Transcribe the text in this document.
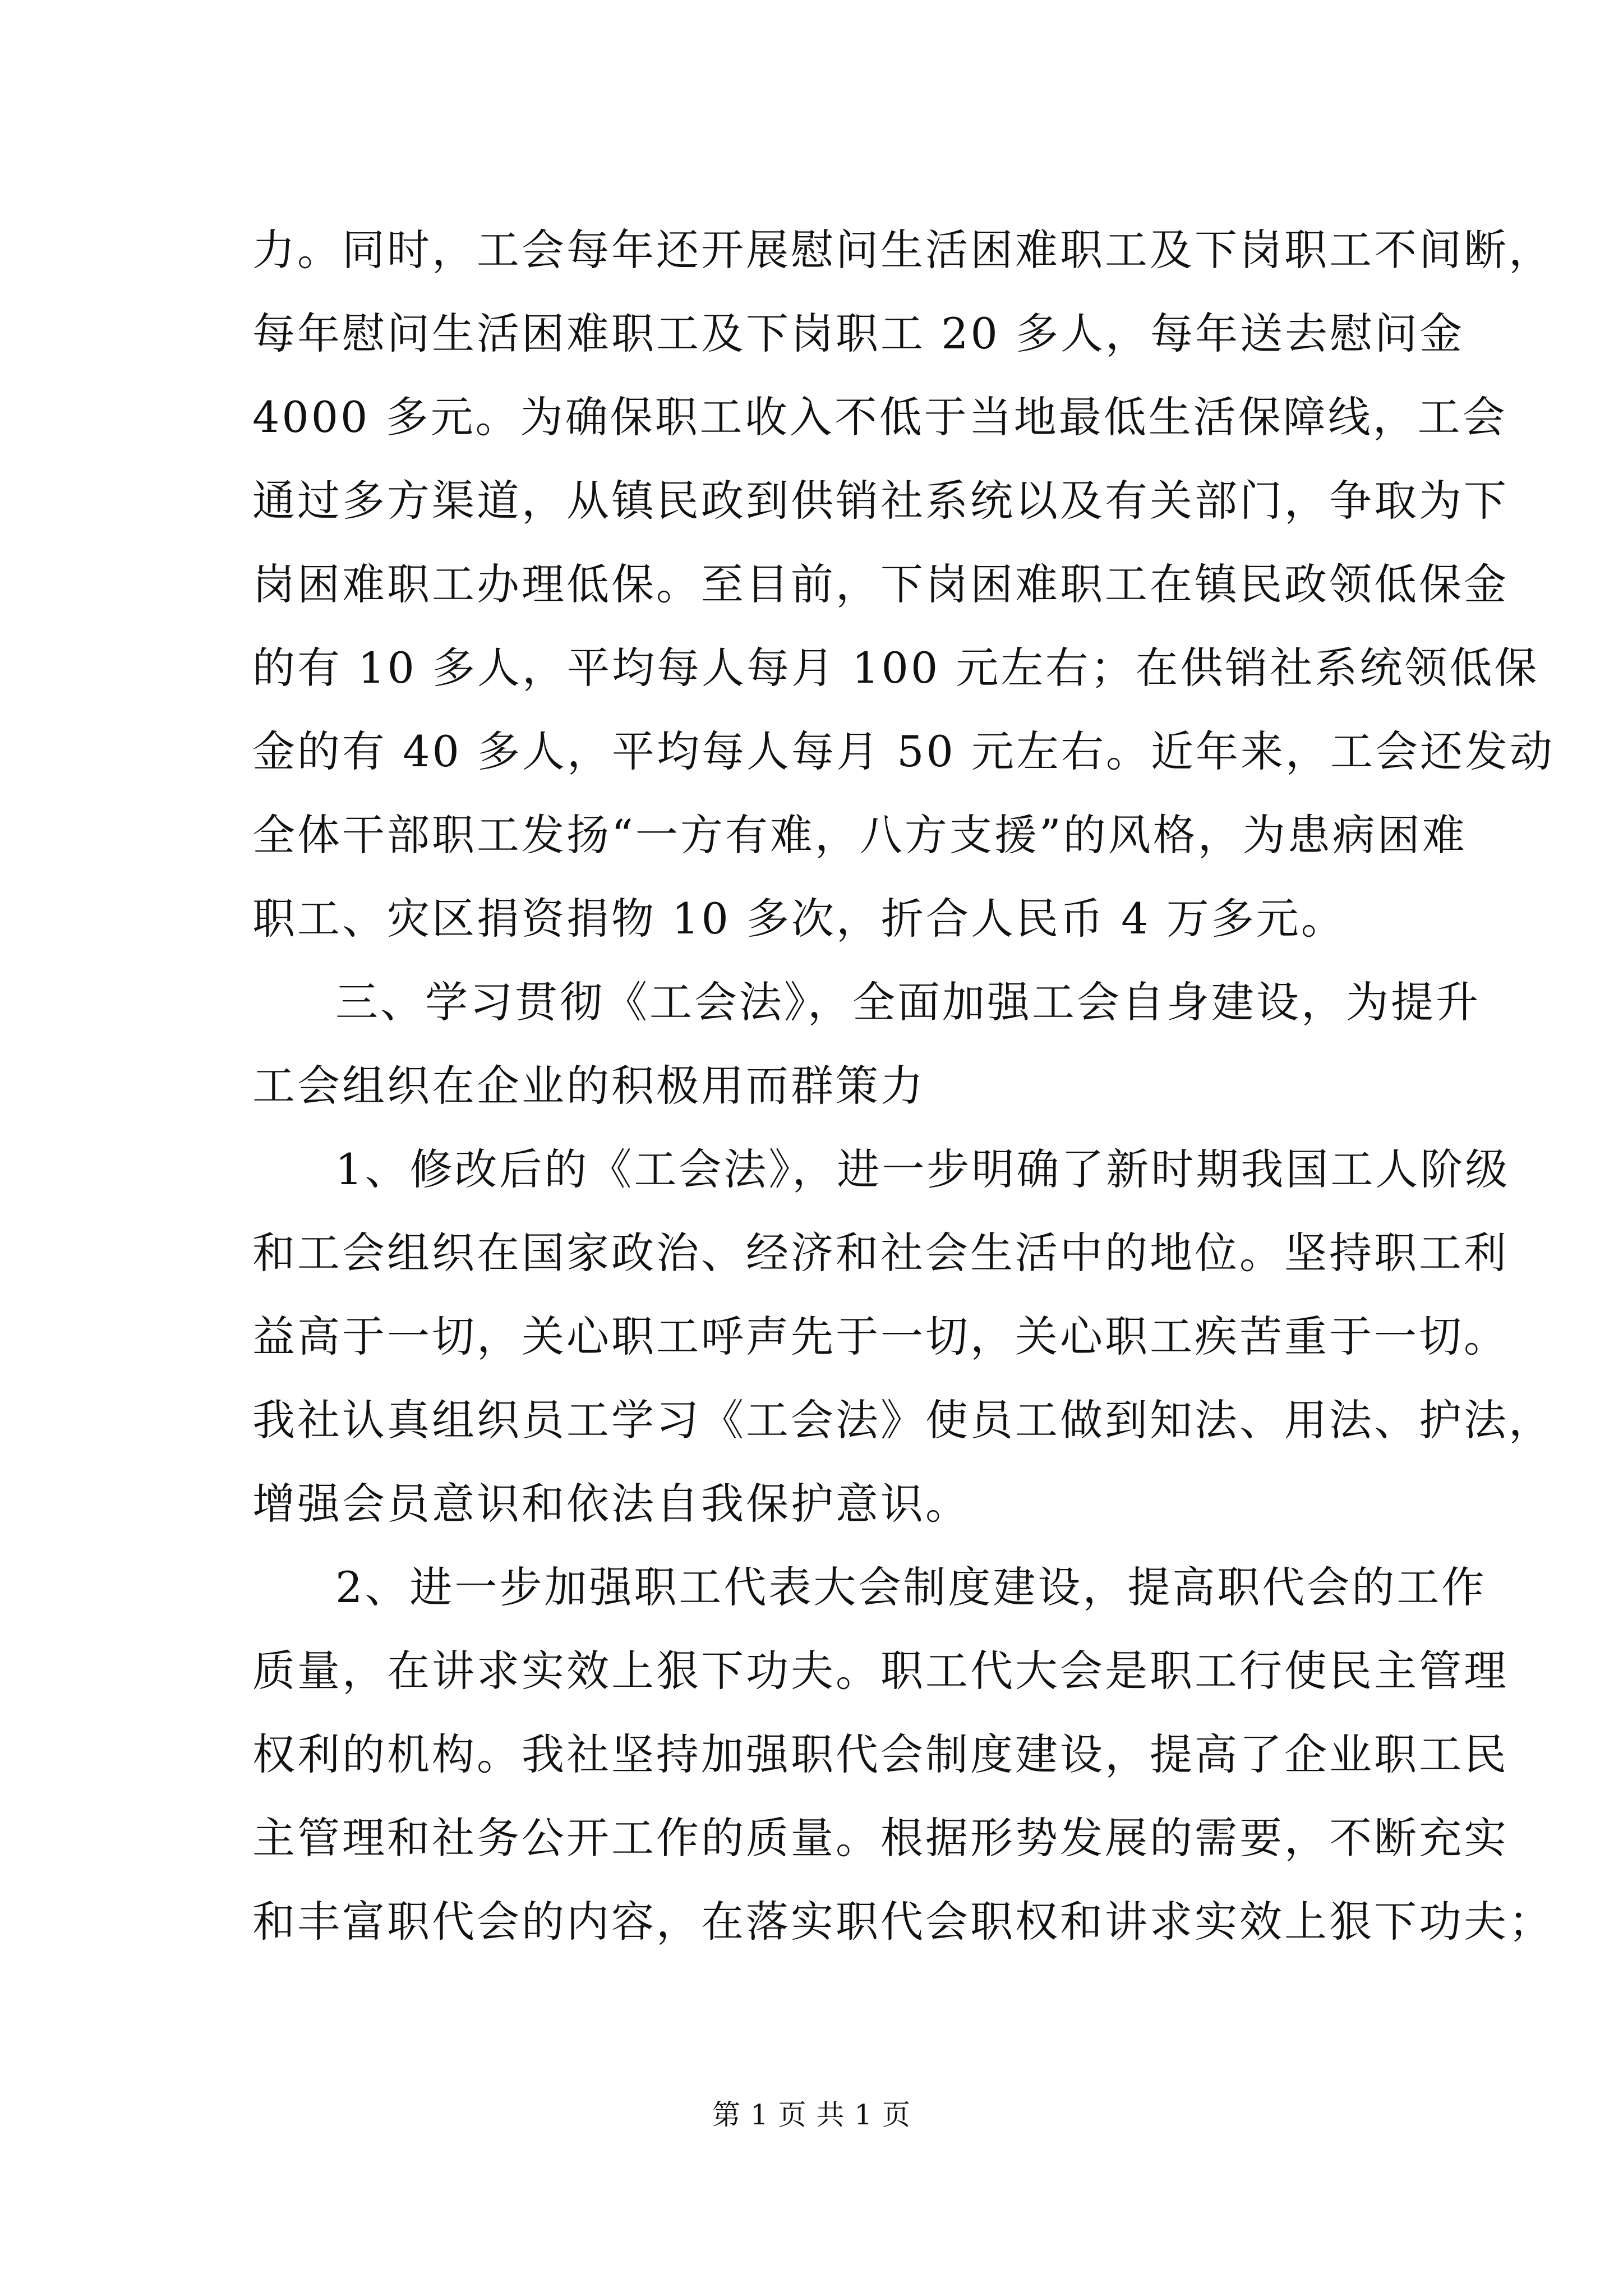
力。同时，工会每年还开展慰问生活困难职工及下岗职工不间断，
每年慰问生活困难职工及下岗职工 20 多人，每年送去慰问金
4000 多元。为确保职工收入不低于当地最低生活保障线，工会
通过多方渠道，从镇民政到供销社系统以及有关部门，争取为下
岗困难职工办理低保。至目前，下岗困难职工在镇民政领低保金
的有 10 多人，平均每人每月 100 元左右；在供销社系统领低保
金的有 40 多人，平均每人每月 50 元左右。近年来，工会还发动
全体干部职工发扬“一方有难，八方支援”的风格，为患病困难
职工、灾区捐资捐物 10 多次，折合人民币 4 万多元。
三、学习贯彻《工会法》，全面加强工会自身建设，为提升
工会组织在企业的积极用而群策力
1、修改后的《工会法》，进一步明确了新时期我国工人阶级
和工会组织在国家政治、经济和社会生活中的地位。坚持职工利
益高于一切，关心职工呼声先于一切，关心职工疾苦重于一切。
我社认真组织员工学习《工会法》使员工做到知法、用法、护法，
增强会员意识和依法自我保护意识。
2、进一步加强职工代表大会制度建设，提高职代会的工作
质量，在讲求实效上狠下功夫。职工代大会是职工行使民主管理
权利的机构。我社坚持加强职代会制度建设，提高了企业职工民
主管理和社务公开工作的质量。根据形势发展的需要，不断充实
和丰富职代会的内容，在落实职代会职权和讲求实效上狠下功夫；
第 1 页 共 1 页
